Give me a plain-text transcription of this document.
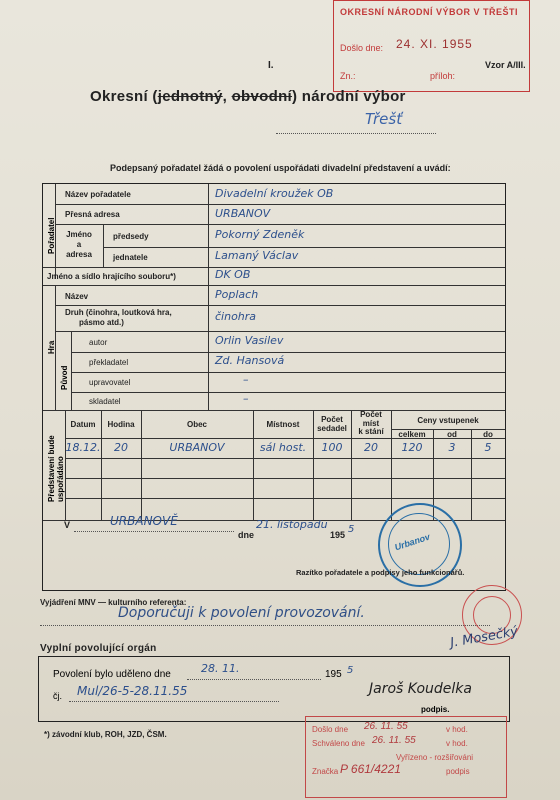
OKRESNÍ NÁRODNÍ VÝBOR V TŘEŠTI
Došlo dne: 24. XI. 1955
Zn.:	příloh:
Vzor A/III.
I.
Okresní (jednotný, obvodní) národní výbor
Třešť
Podepsaný pořadatel žádá o povolení uspořádati divadelní představení a uvádí:
Pořadatel
Název pořadatele	Divadelní kroužek OB
Přesná adresa	URBANOV
Jméno
a
adresa
předsedy	Pokorný Zdeněk
jednatele	Lamaný Václav
Jméno a sídlo hrajícího souboru*)	DK OB
Hra
Název	Poplach
Druh (činohra, loutková hra,
pásmo atd.)	činohra
Původ
autor	Orlin Vasilev
překladatel	Zd. Hansová
upravovatel	–
skladatel	–
Představení bude
uspořádáno
Datum	Hodina	Obec	Místnost
Počet
sedadel
Počet
míst
k stání
Ceny vstupenek
celkem	od	do
18.12.	20	URBANOV	sál host.	100	20	120	3	5
V	URBANOVĚ
dne
21. listopadu
195 5
Urbanov
Razítko pořadatele a podpisy jeho funkcionářů.
Vyjádření MNV — kulturního referenta:
Doporučuji k povolení provozování.
J. Mosečký
Vyplní povolující orgán
Povolení bylo uděleno dne	28. 11.	195 5
čj. Mul/26-5-28.11.55	Jaroš Koudelka
podpis.
*) závodní klub, ROH, JZD, ČSM.
Došlo dne 26. 11. 55	v hod.
Schváleno dne 26. 11. 55	v hod.
Vyřízeno - rozšiřováni
Značka P 661/4221	podpis
